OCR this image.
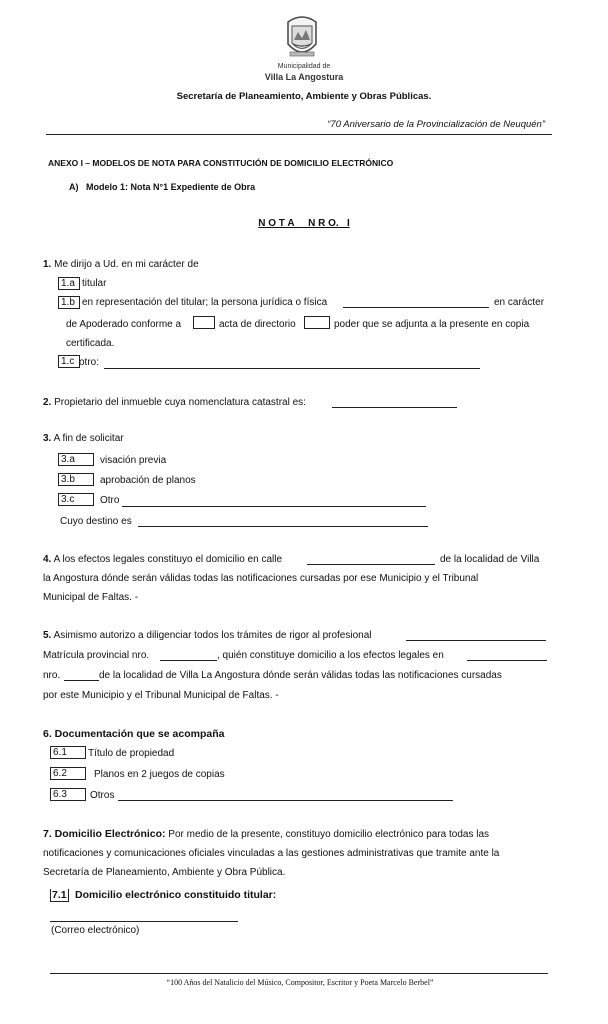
Municipalidad de
Villa La Angostura
Secretaría de Planeamiento, Ambiente y Obras Públicas.
“70 Aniversario de la Provincialización de Neuquén”
ANEXO I – MODELOS DE NOTA PARA CONSTITUCIÓN DE DOMICILIO ELECTRÓNICO
A)   Modelo 1: Nota N°1 Expediente de Obra
N O T A     N R O.   I
1. Me dirijo a Ud. en mi carácter de
1.a titular
1.b en representación del titular; la persona jurídica o física	en carácter
de Apoderado conforme a	acta de directorio	poder que se adjunta a la presente en copia
certificada.
1.c otro:
2. Propietario del inmueble cuya nomenclatura catastral es:
3. A fin de solicitar
3.a	visación previa
3.b	aprobación de planos
3.c	Otro
Cuyo destino es
4. A los efectos legales constituyo el domicilio en calle	de la localidad de Villa
la Angostura dónde serán válidas todas las notificaciones cursadas por ese Municipio y el Tribunal
Municipal de Faltas. -
5. Asimismo autorizo a diligenciar todos los trámites de rigor al profesional
Matrícula provincial nro.	, quién constituye domicilio a los efectos legales en
nro.	de la localidad de Villa La Angostura dónde serán válidas todas las notificaciones cursadas
por este Municipio y el Tribunal Municipal de Faltas. -
6. Documentación que se acompaña
6.1	Título de propiedad
6.2	Planos en 2 juegos de copias
6.3	Otros
7. Domicilio Electrónico: Por medio de la presente, constituyo domicilio electrónico para todas las
notificaciones y comunicaciones oficiales vinculadas a las gestiones administrativas que tramite ante la
Secretaría de Planeamiento, Ambiente y Obra Pública.
7.1 Domicilio electrónico constituido titular:
(Correo electrónico)
“100 Años del Natalicio del Músico, Compositor, Escritor y Poeta Marcelo Berbel”
